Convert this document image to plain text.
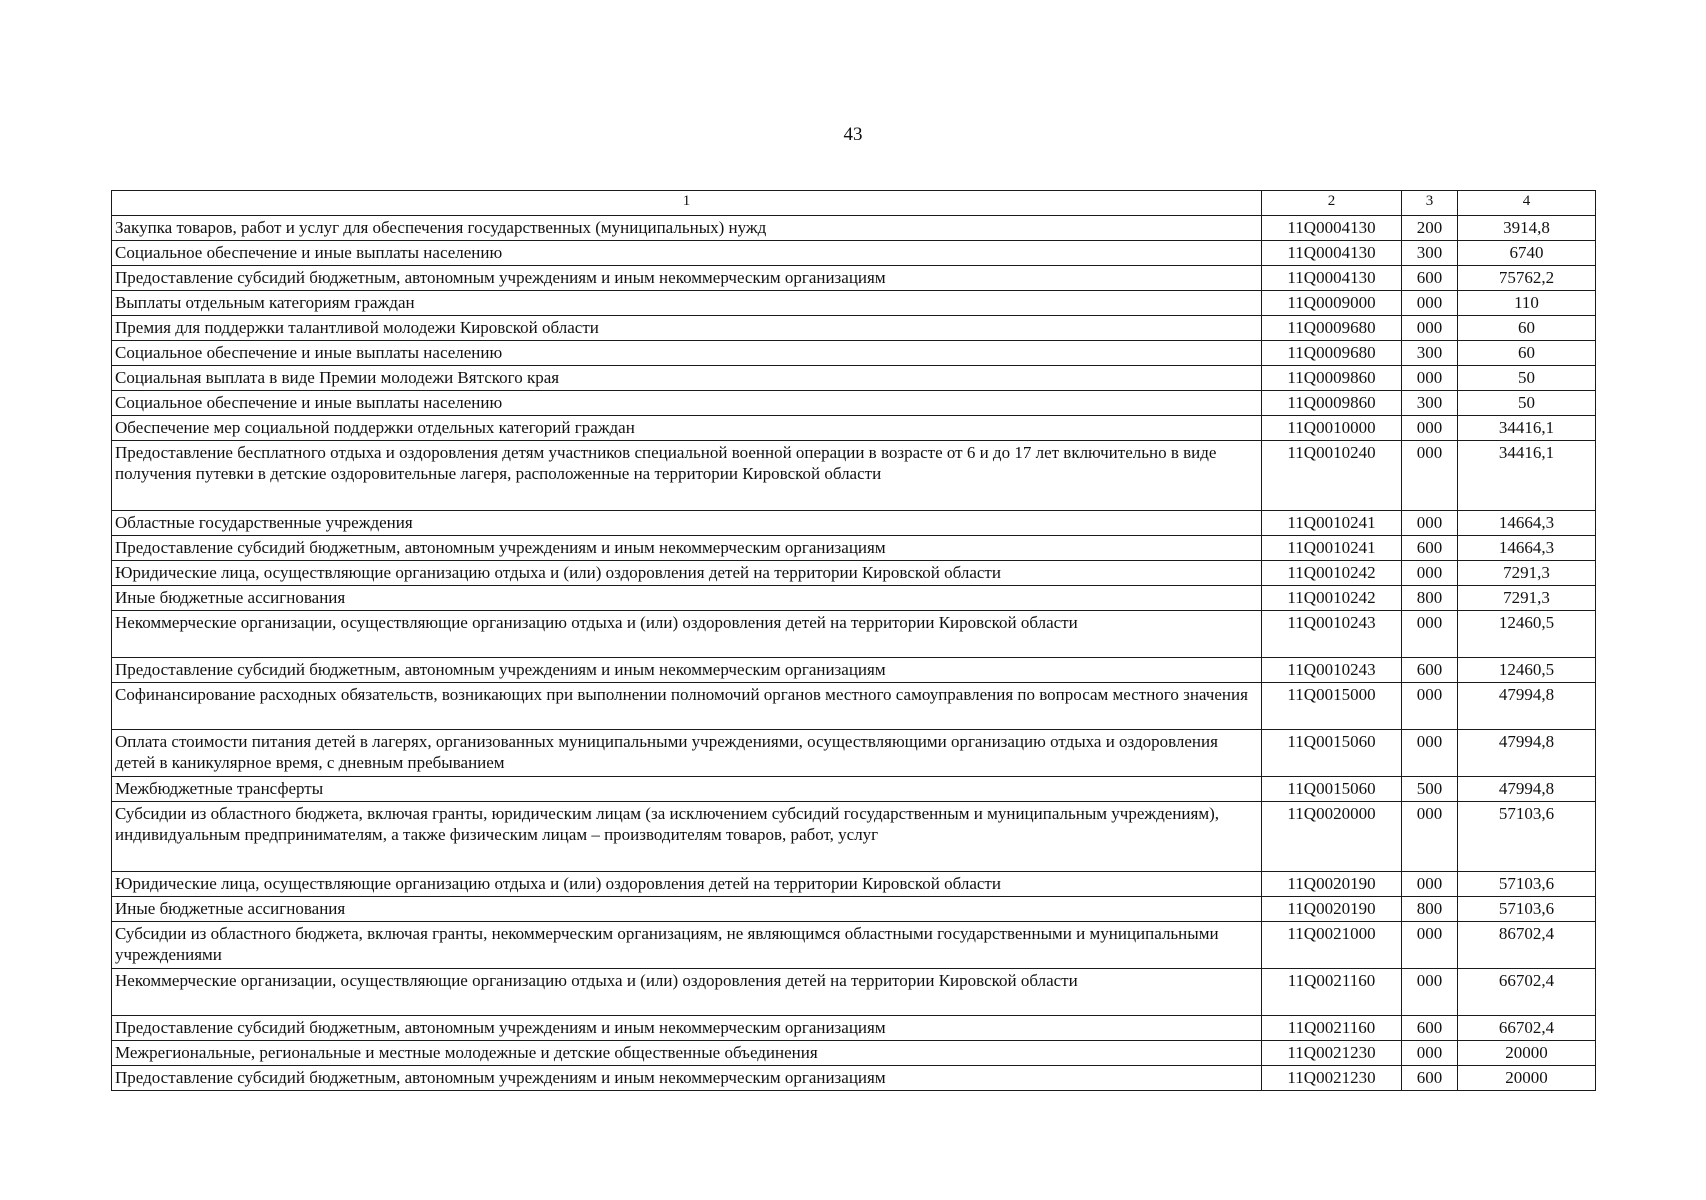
43
1	2	3	4
Закупка товаров, работ и услуг для обеспечения государственных (муниципальных) нужд	11Q0004130	200	3914,8
Социальное обеспечение и иные выплаты населению	11Q0004130	300	6740
Предоставление субсидий бюджетным, автономным учреждениям и иным некоммерческим организациям	11Q0004130	600	75762,2
Выплаты отдельным категориям граждан	11Q0009000	000	110
Премия для поддержки талантливой молодежи Кировской области	11Q0009680	000	60
Социальное обеспечение и иные выплаты населению	11Q0009680	300	60
Социальная выплата в виде Премии молодежи Вятского края	11Q0009860	000	50
Социальное обеспечение и иные выплаты населению	11Q0009860	300	50
Обеспечение мер социальной поддержки отдельных категорий граждан	11Q0010000	000	34416,1
Предоставление бесплатного отдыха и оздоровления детям участников специальной военной операции в возрасте от 6 и до 17 лет включительно в виде получения путевки в детские оздоровительные лагеря, расположенные на территории Кировской области	11Q0010240	000	34416,1
Областные государственные учреждения	11Q0010241	000	14664,3
Предоставление субсидий бюджетным, автономным учреждениям и иным некоммерческим организациям	11Q0010241	600	14664,3
Юридические лица, осуществляющие организацию отдыха и (или) оздоровления детей на территории Кировской области	11Q0010242	000	7291,3
Иные бюджетные ассигнования	11Q0010242	800	7291,3
Некоммерческие организации, осуществляющие организацию отдыха и (или) оздоровления детей на территории Кировской области	11Q0010243	000	12460,5
Предоставление субсидий бюджетным, автономным учреждениям и иным некоммерческим организациям	11Q0010243	600	12460,5
Софинансирование расходных обязательств, возникающих при выполнении полномочий органов местного самоуправления по вопросам местного значения	11Q0015000	000	47994,8
Оплата стоимости питания детей в лагерях, организованных муниципальными учреждениями, осуществляющими организацию отдыха и оздоровления детей в каникулярное время, с дневным пребыванием	11Q0015060	000	47994,8
Межбюджетные трансферты	11Q0015060	500	47994,8
Субсидии из областного бюджета, включая гранты, юридическим лицам (за исключением субсидий государственным и муниципальным учреждениям), индивидуальным предпринимателям, а также физическим лицам – производителям товаров, работ, услуг	11Q0020000	000	57103,6
Юридические лица, осуществляющие организацию отдыха и (или) оздоровления детей на территории Кировской области	11Q0020190	000	57103,6
Иные бюджетные ассигнования	11Q0020190	800	57103,6
Субсидии из областного бюджета, включая гранты, некоммерческим организациям, не являющимся областными государственными и муниципальными учреждениями	11Q0021000	000	86702,4
Некоммерческие организации, осуществляющие организацию отдыха и (или) оздоровления детей на территории Кировской области	11Q0021160	000	66702,4
Предоставление субсидий бюджетным, автономным учреждениям и иным некоммерческим организациям	11Q0021160	600	66702,4
Межрегиональные, региональные и местные молодежные и детские общественные объединения	11Q0021230	000	20000
Предоставление субсидий бюджетным, автономным учреждениям и иным некоммерческим организациям	11Q0021230	600	20000
